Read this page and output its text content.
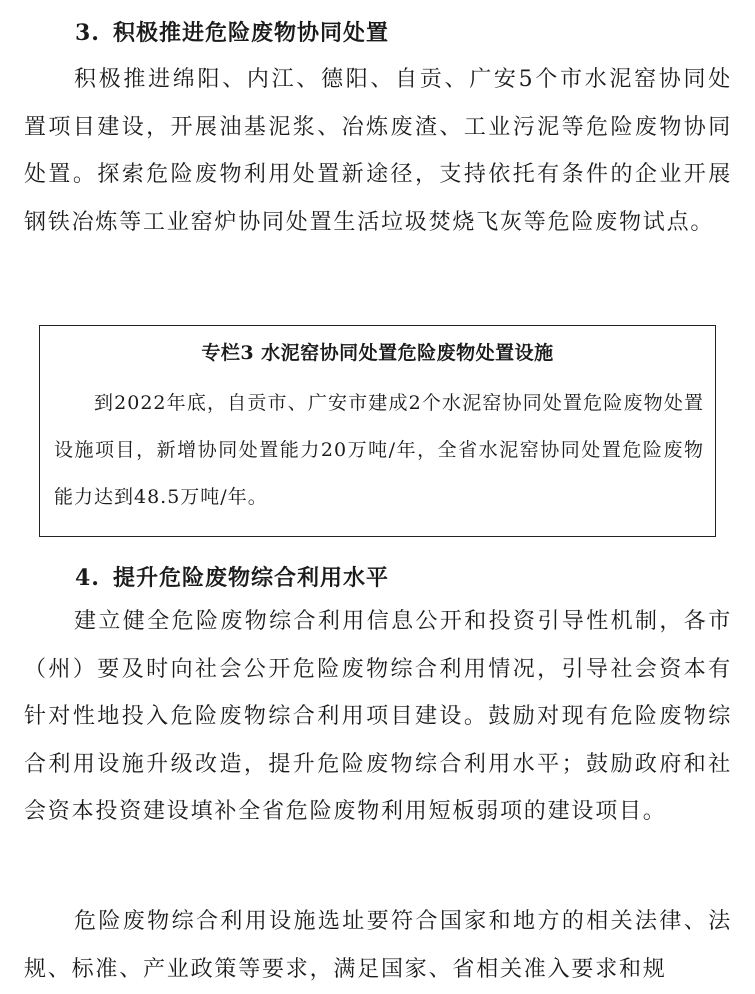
3. 积极推进危险废物协同处置
积极推进绵阳、内江、德阳、自贡、广安5个市水泥窑协同处置项目建设，开展油基泥浆、冶炼废渣、工业污泥等危险废物协同处置。探索危险废物利用处置新途径，支持依托有条件的企业开展钢铁冶炼等工业窑炉协同处置生活垃圾焚烧飞灰等危险废物试点。
专栏3 水泥窑协同处置危险废物处置设施
到2022年底，自贡市、广安市建成2个水泥窑协同处置危险废物处置设施项目，新增协同处置能力20万吨/年，全省水泥窑协同处置危险废物能力达到48.5万吨/年。
4. 提升危险废物综合利用水平
建立健全危险废物综合利用信息公开和投资引导性机制，各市（州）要及时向社会公开危险废物综合利用情况，引导社会资本有针对性地投入危险废物综合利用项目建设。鼓励对现有危险废物综合利用设施升级改造，提升危险废物综合利用水平；鼓励政府和社会资本投资建设填补全省危险废物利用短板弱项的建设项目。
危险废物综合利用设施选址要符合国家和地方的相关法律、法规、标准、产业政策等要求，满足国家、省相关准入要求和规
